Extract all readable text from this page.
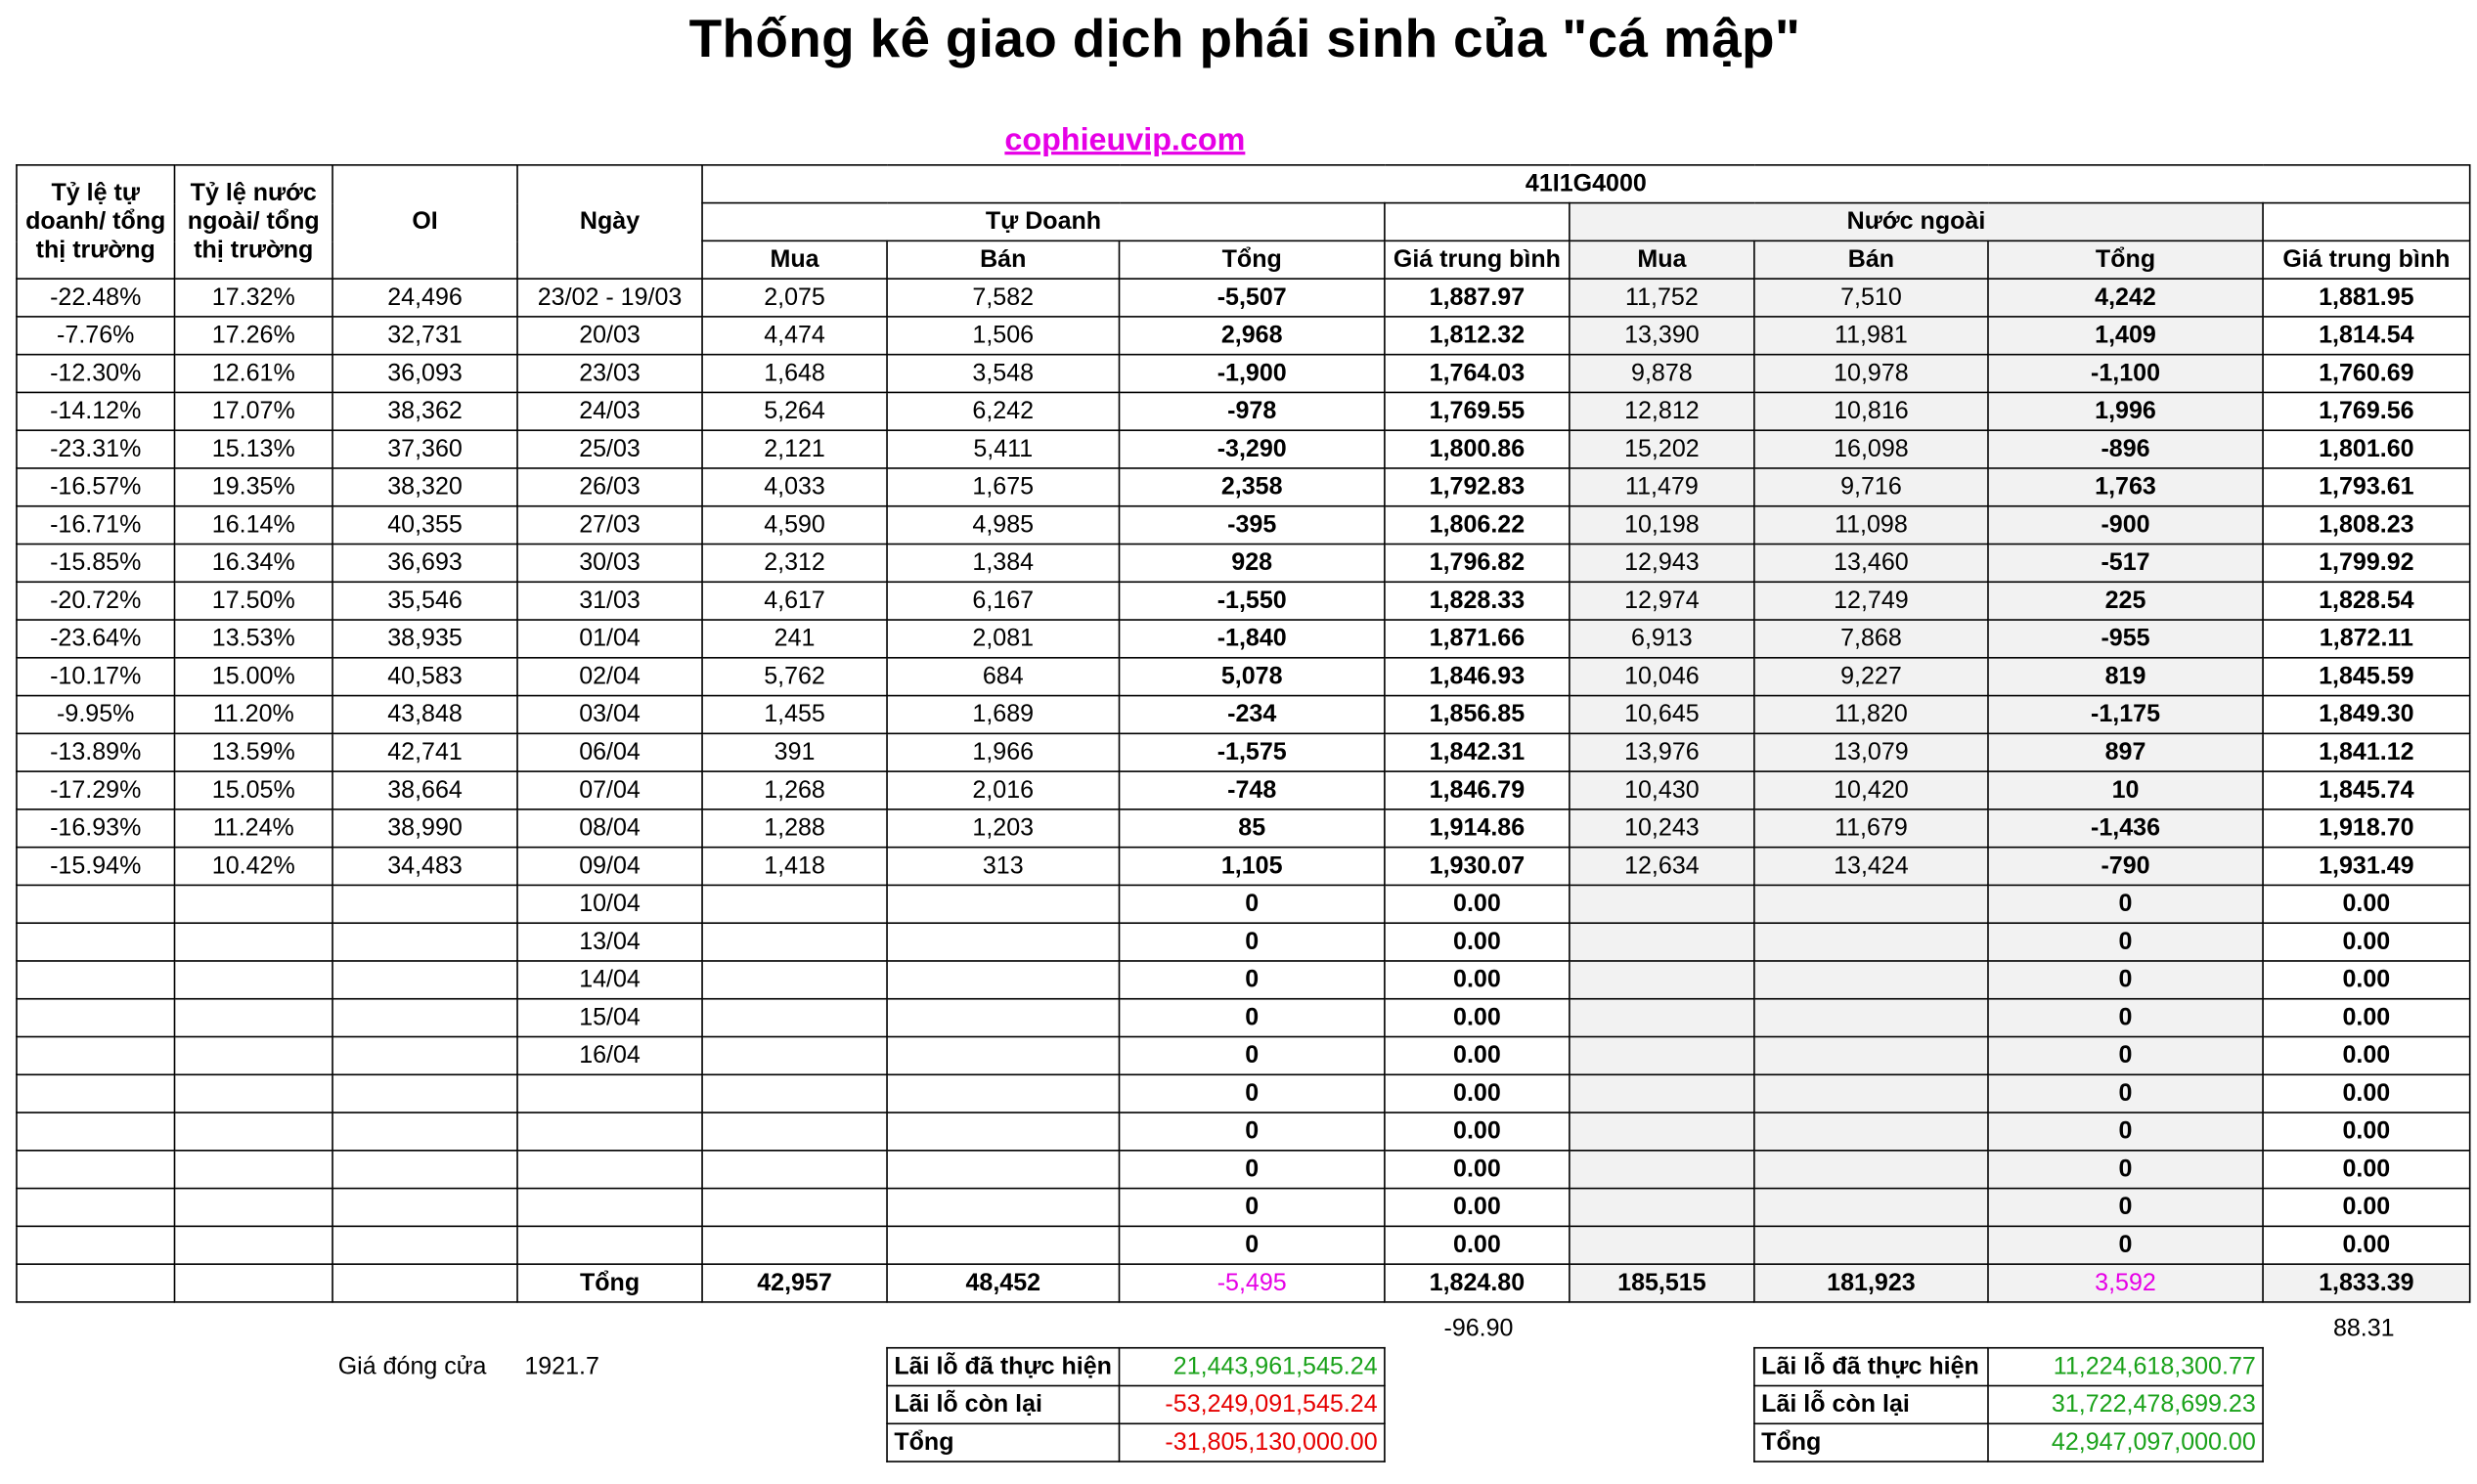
Thống kê giao dịch phái sinh của "cá mập"
cophieuvip.com
Tỷ lệ tự doanh/ tổng thị trường	Tỷ lệ nước ngoài/ tổng thị trường	OI	Ngày	41I1G4000							
				Tự Doanh				Nước ngoài			
				Mua	Bán	Tổng	Giá trung bình	Mua	Bán	Tổng	Giá trung bình
-22.48%	17.32%	24,496	23/02 - 19/03	2,075	7,582	-5,507	1,887.97	11,752	7,510	4,242	1,881.95
-7.76%	17.26%	32,731	20/03	4,474	1,506	2,968	1,812.32	13,390	11,981	1,409	1,814.54
-12.30%	12.61%	36,093	23/03	1,648	3,548	-1,900	1,764.03	9,878	10,978	-1,100	1,760.69
-14.12%	17.07%	38,362	24/03	5,264	6,242	-978	1,769.55	12,812	10,816	1,996	1,769.56
-23.31%	15.13%	37,360	25/03	2,121	5,411	-3,290	1,800.86	15,202	16,098	-896	1,801.60
-16.57%	19.35%	38,320	26/03	4,033	1,675	2,358	1,792.83	11,479	9,716	1,763	1,793.61
-16.71%	16.14%	40,355	27/03	4,590	4,985	-395	1,806.22	10,198	11,098	-900	1,808.23
-15.85%	16.34%	36,693	30/03	2,312	1,384	928	1,796.82	12,943	13,460	-517	1,799.92
-20.72%	17.50%	35,546	31/03	4,617	6,167	-1,550	1,828.33	12,974	12,749	225	1,828.54
-23.64%	13.53%	38,935	01/04	241	2,081	-1,840	1,871.66	6,913	7,868	-955	1,872.11
-10.17%	15.00%	40,583	02/04	5,762	684	5,078	1,846.93	10,046	9,227	819	1,845.59
-9.95%	11.20%	43,848	03/04	1,455	1,689	-234	1,856.85	10,645	11,820	-1,175	1,849.30
-13.89%	13.59%	42,741	06/04	391	1,966	-1,575	1,842.31	13,976	13,079	897	1,841.12
-17.29%	15.05%	38,664	07/04	1,268	2,016	-748	1,846.79	10,430	10,420	10	1,845.74
-16.93%	11.24%	38,990	08/04	1,288	1,203	85	1,914.86	10,243	11,679	-1,436	1,918.70
-15.94%	10.42%	34,483	09/04	1,418	313	1,105	1,930.07	12,634	13,424	-790	1,931.49
			10/04			0	0.00			0	0.00
			13/04			0	0.00			0	0.00
			14/04			0	0.00			0	0.00
			15/04			0	0.00			0	0.00
			16/04			0	0.00			0	0.00
						0	0.00			0	0.00
						0	0.00			0	0.00
						0	0.00			0	0.00
						0	0.00			0	0.00
						0	0.00			0	0.00
			Tổng	42,957	48,452	-5,495	1,824.80	185,515	181,923	3,592	1,833.39
-96.90	88.31
Giá đóng cửa	1921.7	Lãi lỗ đã thực hiện	21,443,961,545.24
Lãi lỗ còn lại	-53,249,091,545.24
Tổng	-31,805,130,000.00
Lãi lỗ đã thực hiện	11,224,618,300.77
Lãi lỗ còn lại	31,722,478,699.23
Tổng	42,947,097,000.00
